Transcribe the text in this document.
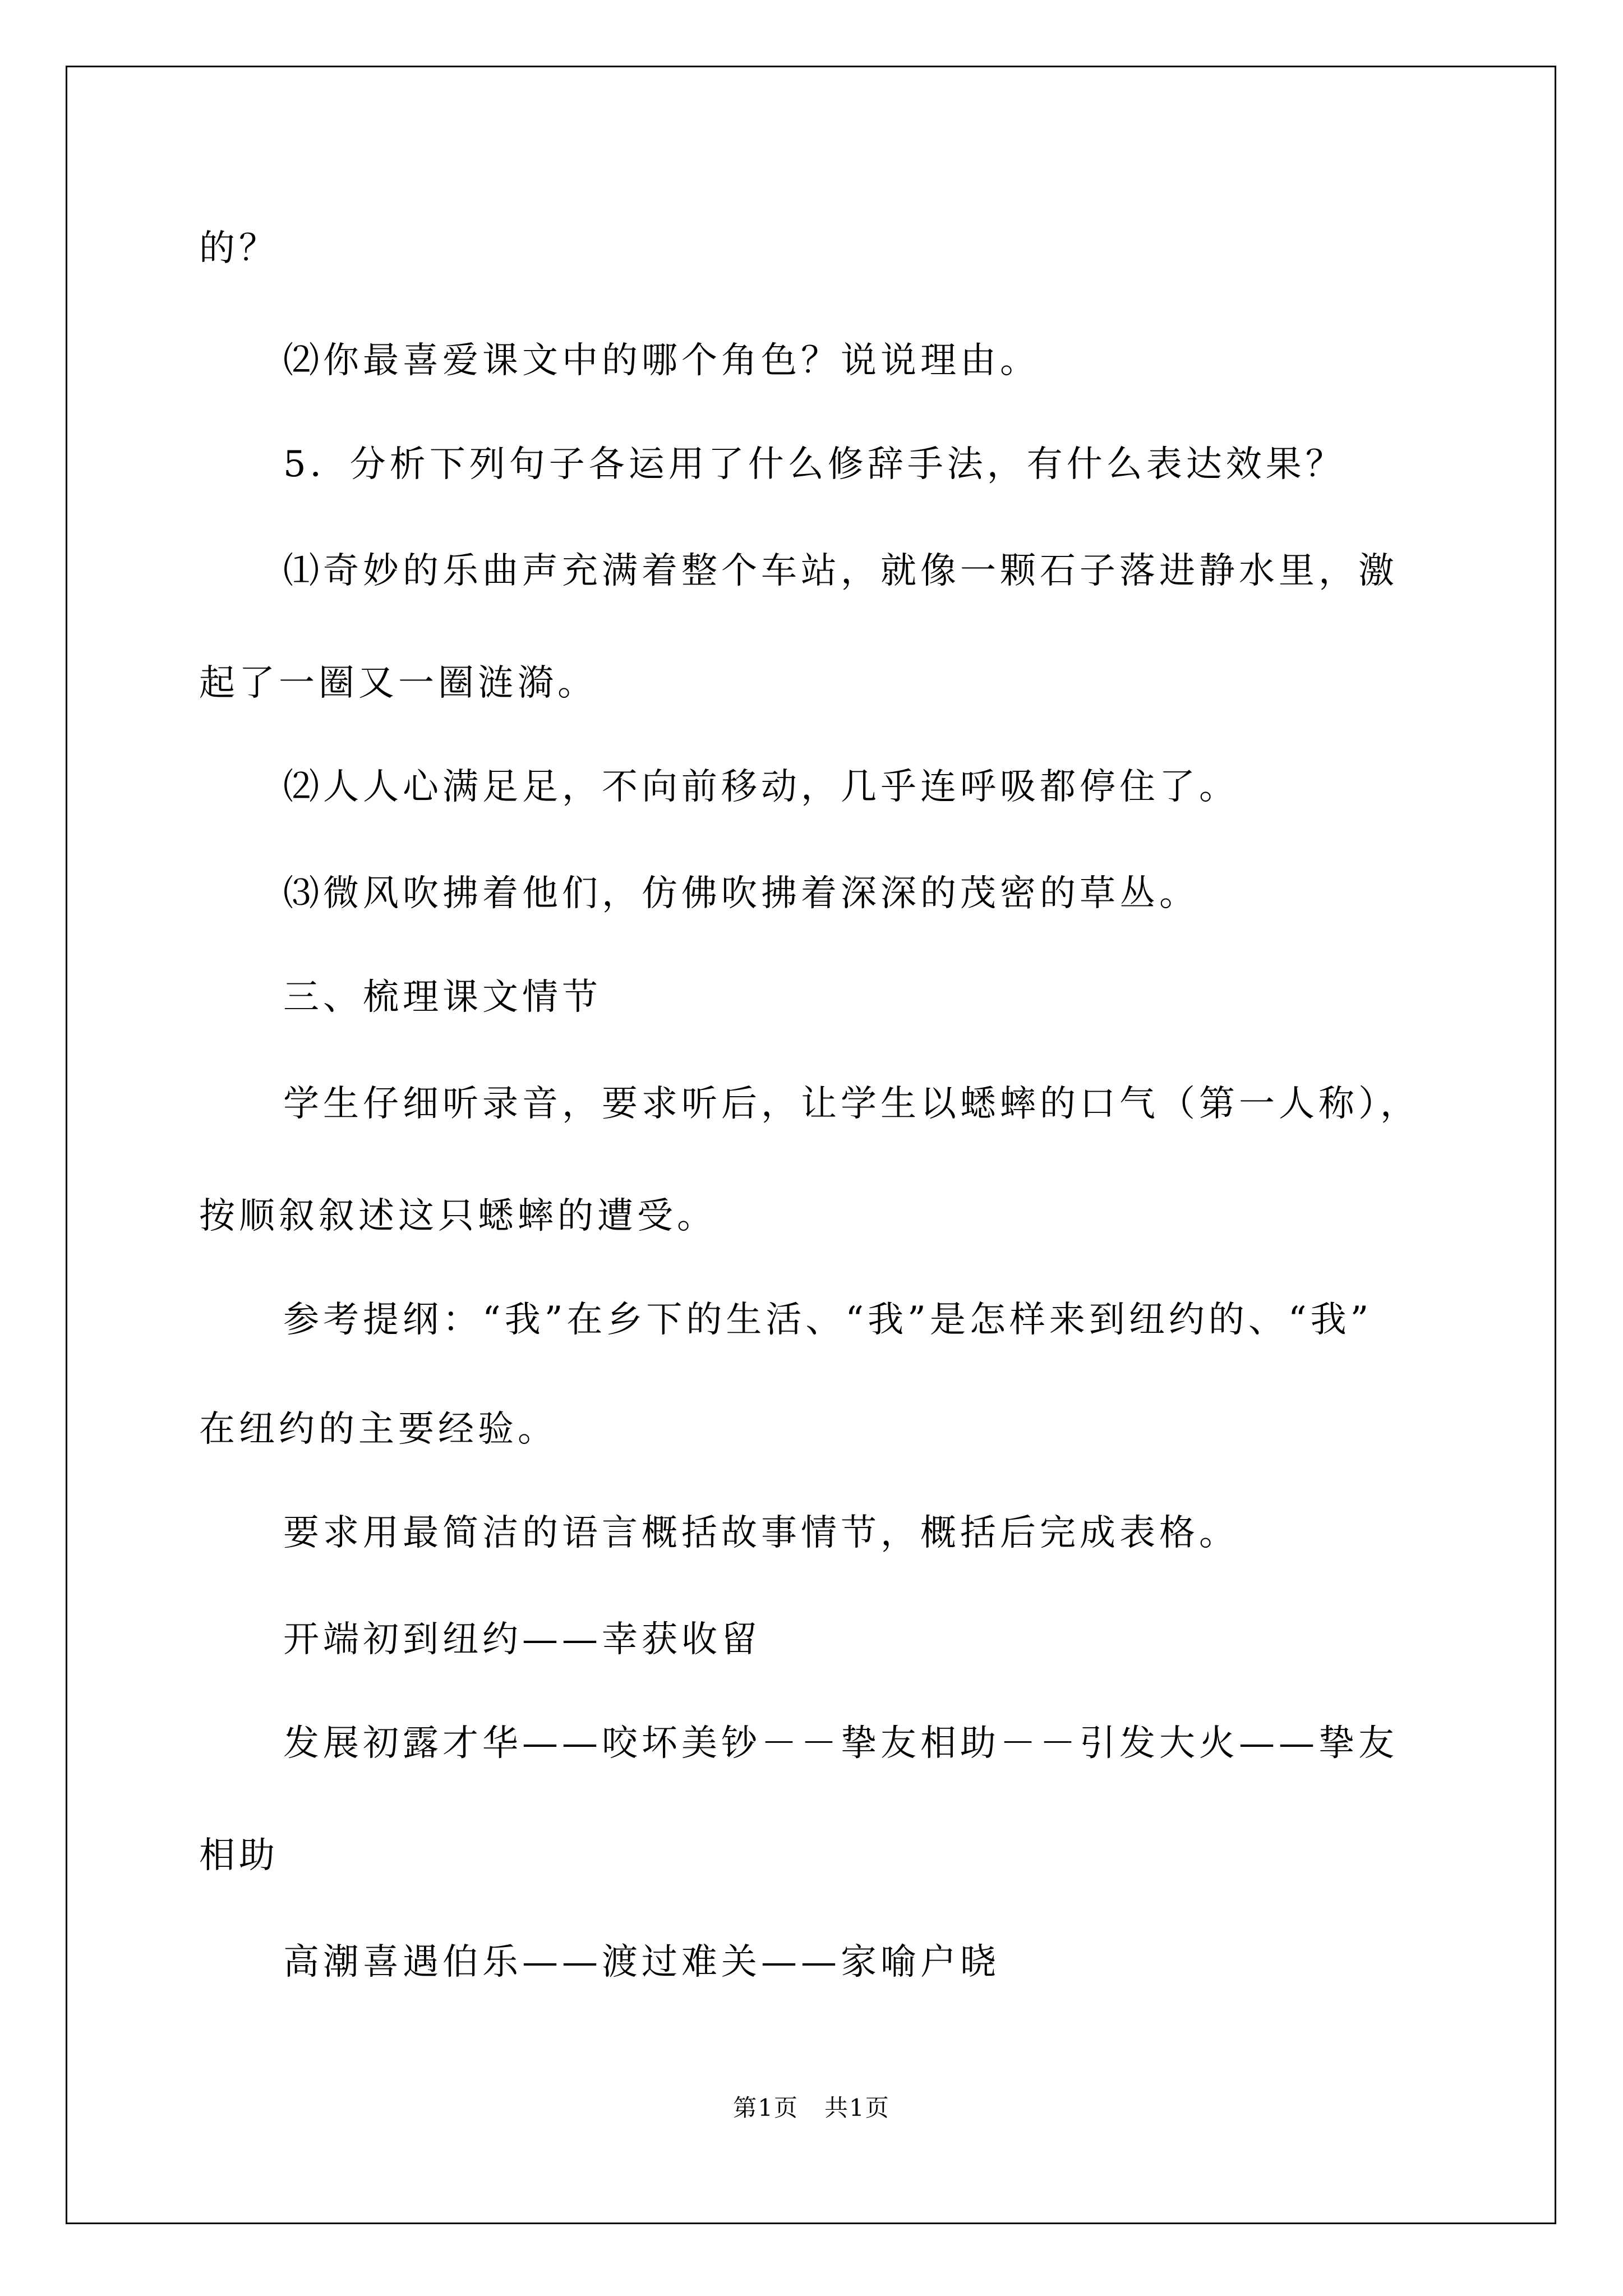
的？
⑵你最喜爱课文中的哪个角色？说说理由。
5．分析下列句子各运用了什么修辞手法，有什么表达效果？
⑴奇妙的乐曲声充满着整个车站，就像一颗石子落进静水里，激
起了一圈又一圈涟漪。
⑵人人心满足足，不向前移动，几乎连呼吸都停住了。
⑶微风吹拂着他们，仿佛吹拂着深深的茂密的草丛。
三、梳理课文情节
学生仔细听录音，要求听后，让学生以蟋蟀的口气（第一人称），
按顺叙叙述这只蟋蟀的遭受。
参考提纲：“我”在乡下的生活、“我”是怎样来到纽约的、“我”
在纽约的主要经验。
要求用最简洁的语言概括故事情节，概括后完成表格。
开端初到纽约——幸获收留
发展初露才华——咬坏美钞－－挚友相助－－引发大火——挚友
相助
高潮喜遇伯乐——渡过难关——家喻户晓
第1页   共1页
